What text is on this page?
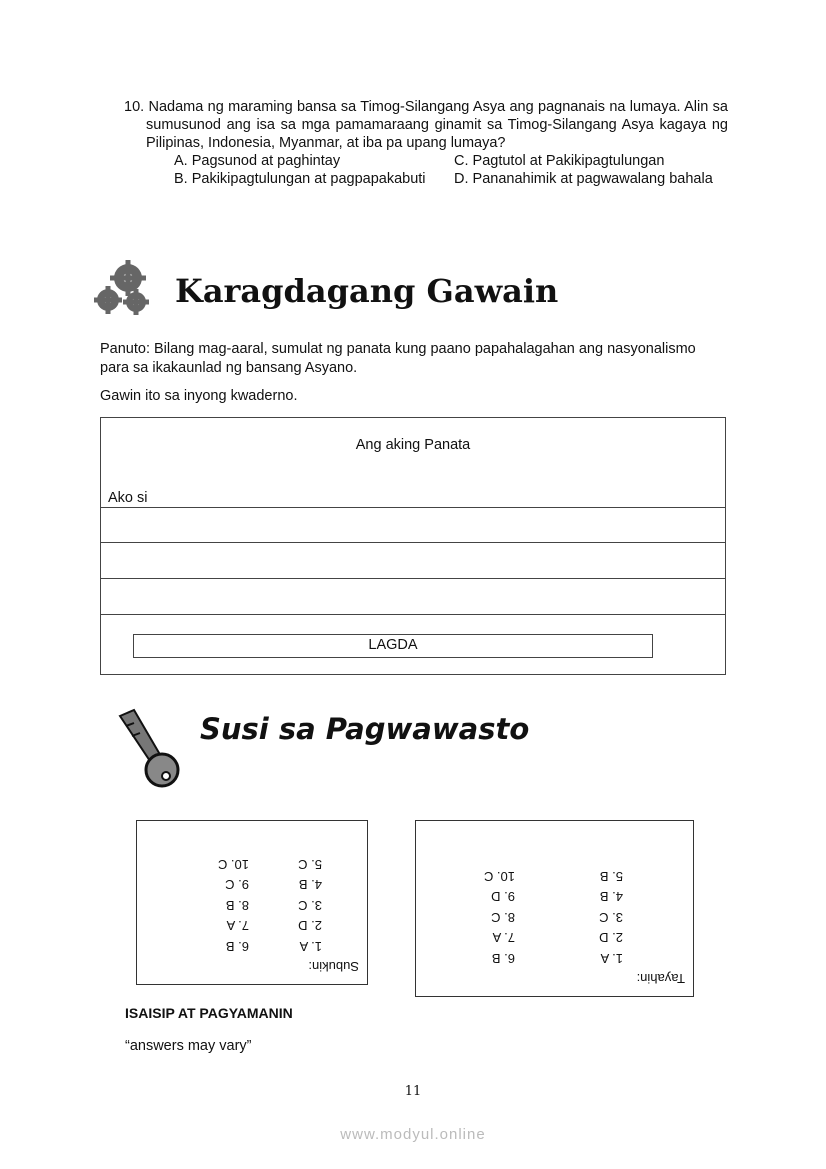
10. Nadama ng maraming bansa sa Timog-Silangang Asya ang pagnanais na lumaya. Alin sa sumusunod ang isa sa mga pamamaraang ginamit sa Timog-Silangang Asya kagaya ng Pilipinas, Indonesia, Myanmar, at iba pa upang lumaya?
A. Pagsunod at paghintay	C. Pagtutol at Pakikipagtulungan
B. Pakikipagtulungan at pagpapakabuti	D. Pananahimik at pagwawalang bahala
Karagdagang Gawain
Panuto: Bilang mag-aaral, sumulat ng panata kung paano papahalagahan ang nasyonalismo para sa ikakaunlad ng bansang Asyano.
Gawin ito sa inyong kwaderno.
Ang aking Panata
Ako si
LAGDA
Susi sa Pagwawasto
Subukin:
1. A
2. D
3. C
4. B
5. C
6. B
7. A
8. B
9. C
10. C
Tayahin:
1. A
2. D
3. C
4. B
5. B
6. B
7. A
8. C
9. D
10. C
ISAISIP AT PAGYAMANIN
“answers may vary”
11
www.modyul.online
